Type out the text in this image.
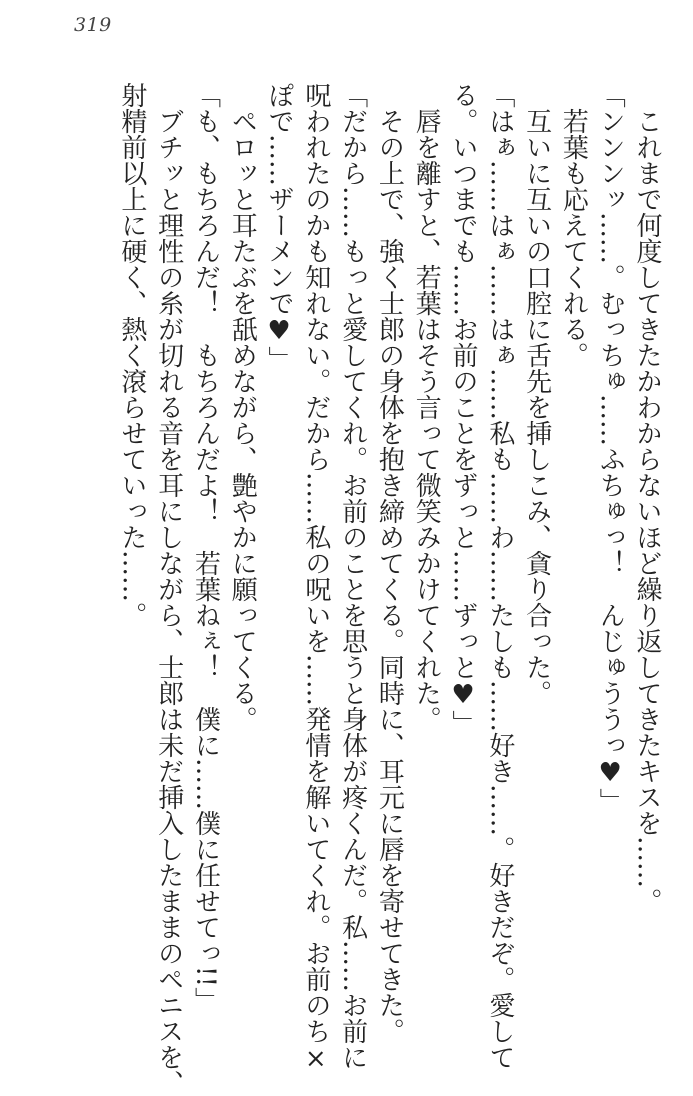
319
これまで何度してきたかわからないほど繰り返してきたキスを……。
「ンンンッ……。むっちゅ……ふちゅっ！　んじゅううっ♥」
若葉も応えてくれる。
互いに互いの口腔に舌先を挿しこみ、貪り合った。
「はぁ……はぁ……はぁ……私も……わ……たしも……好き……。好きだぞ。愛して
る。いつまでも……お前のことをずっと……ずっと♥」
唇を離すと、若葉はそう言って微笑みかけてくれた。
その上で、強く士郎の身体を抱き締めてくる。同時に、耳元に唇を寄せてきた。
「だから……もっと愛してくれ。お前のことを思うと身体が疼くんだ。私……お前に
呪われたのかも知れない。だから……私の呪いを……発情を解いてくれ。お前のち×
ぽで……ザーメンで♥」
ペロッと耳たぶを舐めながら、艶やかに願ってくる。
「も、もちろんだ！　もちろんだよ！　若葉ねぇ！　僕に……僕に任せてっ!!」
ブチッと理性の糸が切れる音を耳にしながら、士郎は未だ挿入したままのペニスを、
射精前以上に硬く、熱く滾らせていった……。
